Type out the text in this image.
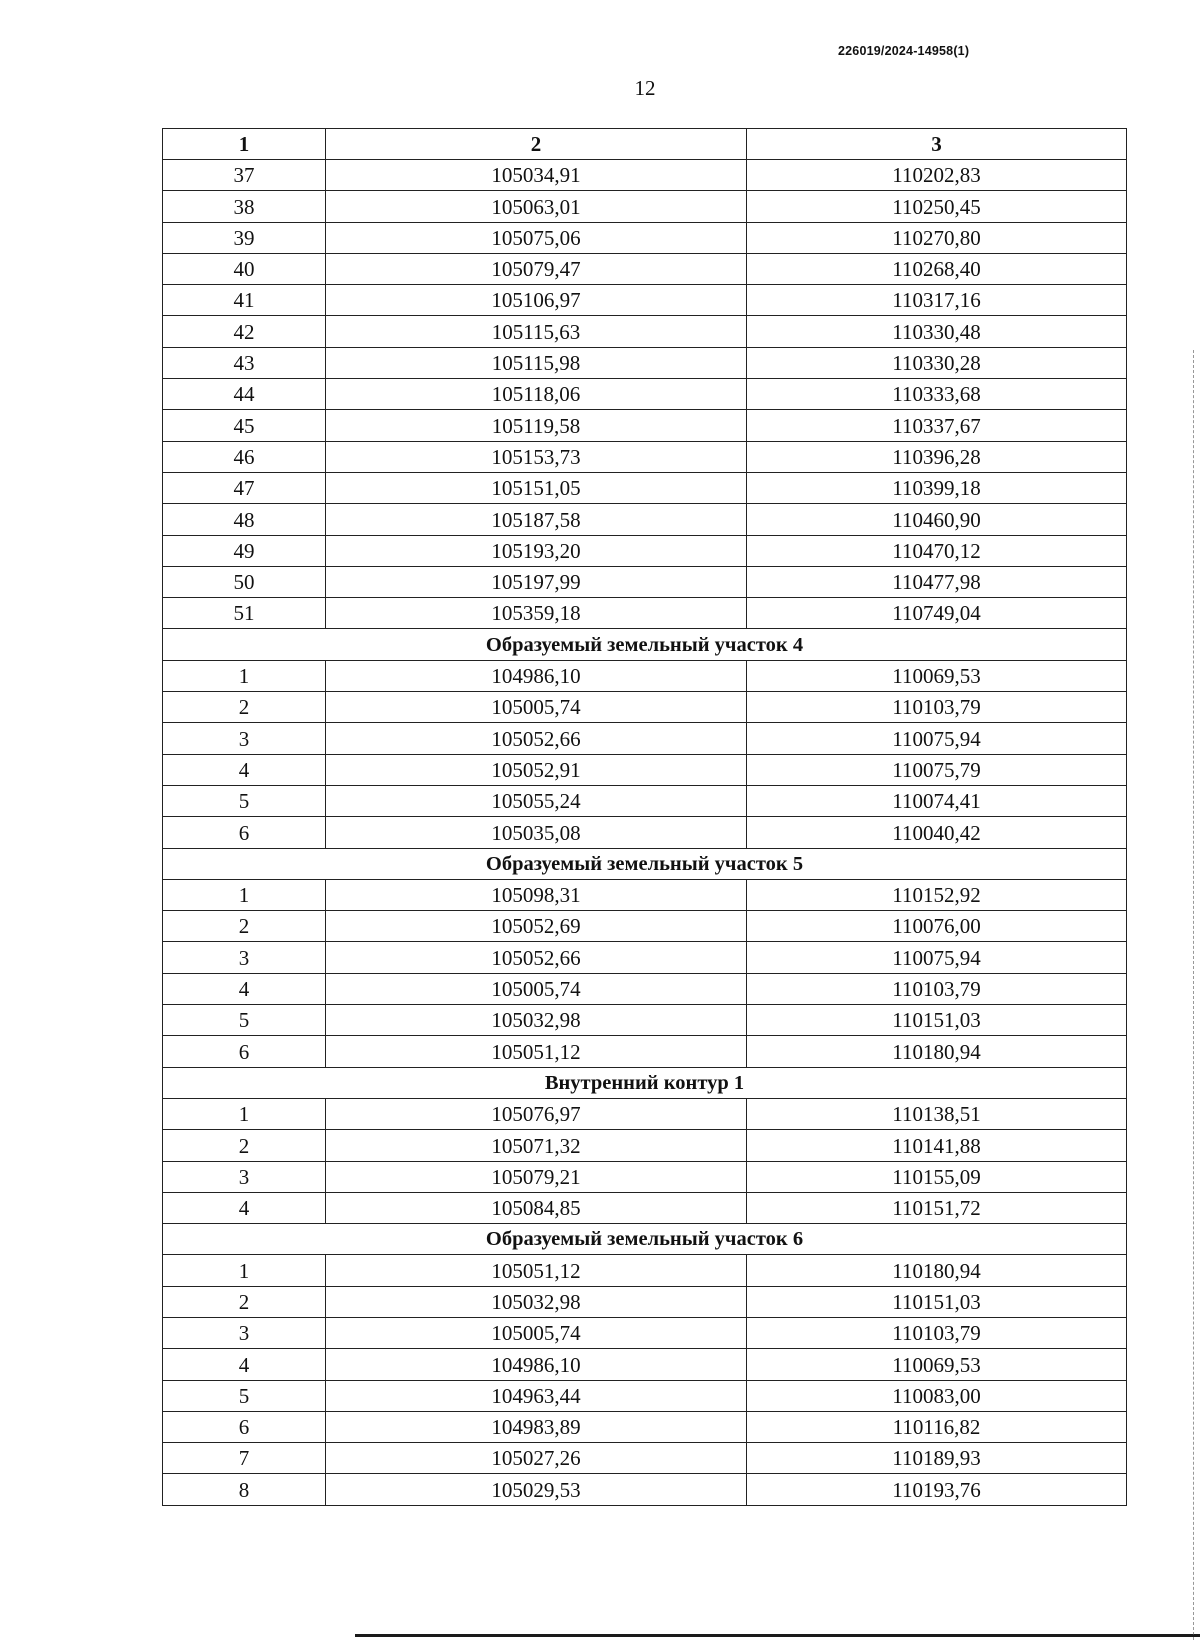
226019/2024-14958(1)
12
1	2	3
37	105034,91	110202,83
38	105063,01	110250,45
39	105075,06	110270,80
40	105079,47	110268,40
41	105106,97	110317,16
42	105115,63	110330,48
43	105115,98	110330,28
44	105118,06	110333,68
45	105119,58	110337,67
46	105153,73	110396,28
47	105151,05	110399,18
48	105187,58	110460,90
49	105193,20	110470,12
50	105197,99	110477,98
51	105359,18	110749,04
Образуемый земельный участок 4		
1	104986,10	110069,53
2	105005,74	110103,79
3	105052,66	110075,94
4	105052,91	110075,79
5	105055,24	110074,41
6	105035,08	110040,42
Образуемый земельный участок 5		
1	105098,31	110152,92
2	105052,69	110076,00
3	105052,66	110075,94
4	105005,74	110103,79
5	105032,98	110151,03
6	105051,12	110180,94
Внутренний контур 1		
1	105076,97	110138,51
2	105071,32	110141,88
3	105079,21	110155,09
4	105084,85	110151,72
Образуемый земельный участок 6		
1	105051,12	110180,94
2	105032,98	110151,03
3	105005,74	110103,79
4	104986,10	110069,53
5	104963,44	110083,00
6	104983,89	110116,82
7	105027,26	110189,93
8	105029,53	110193,76
